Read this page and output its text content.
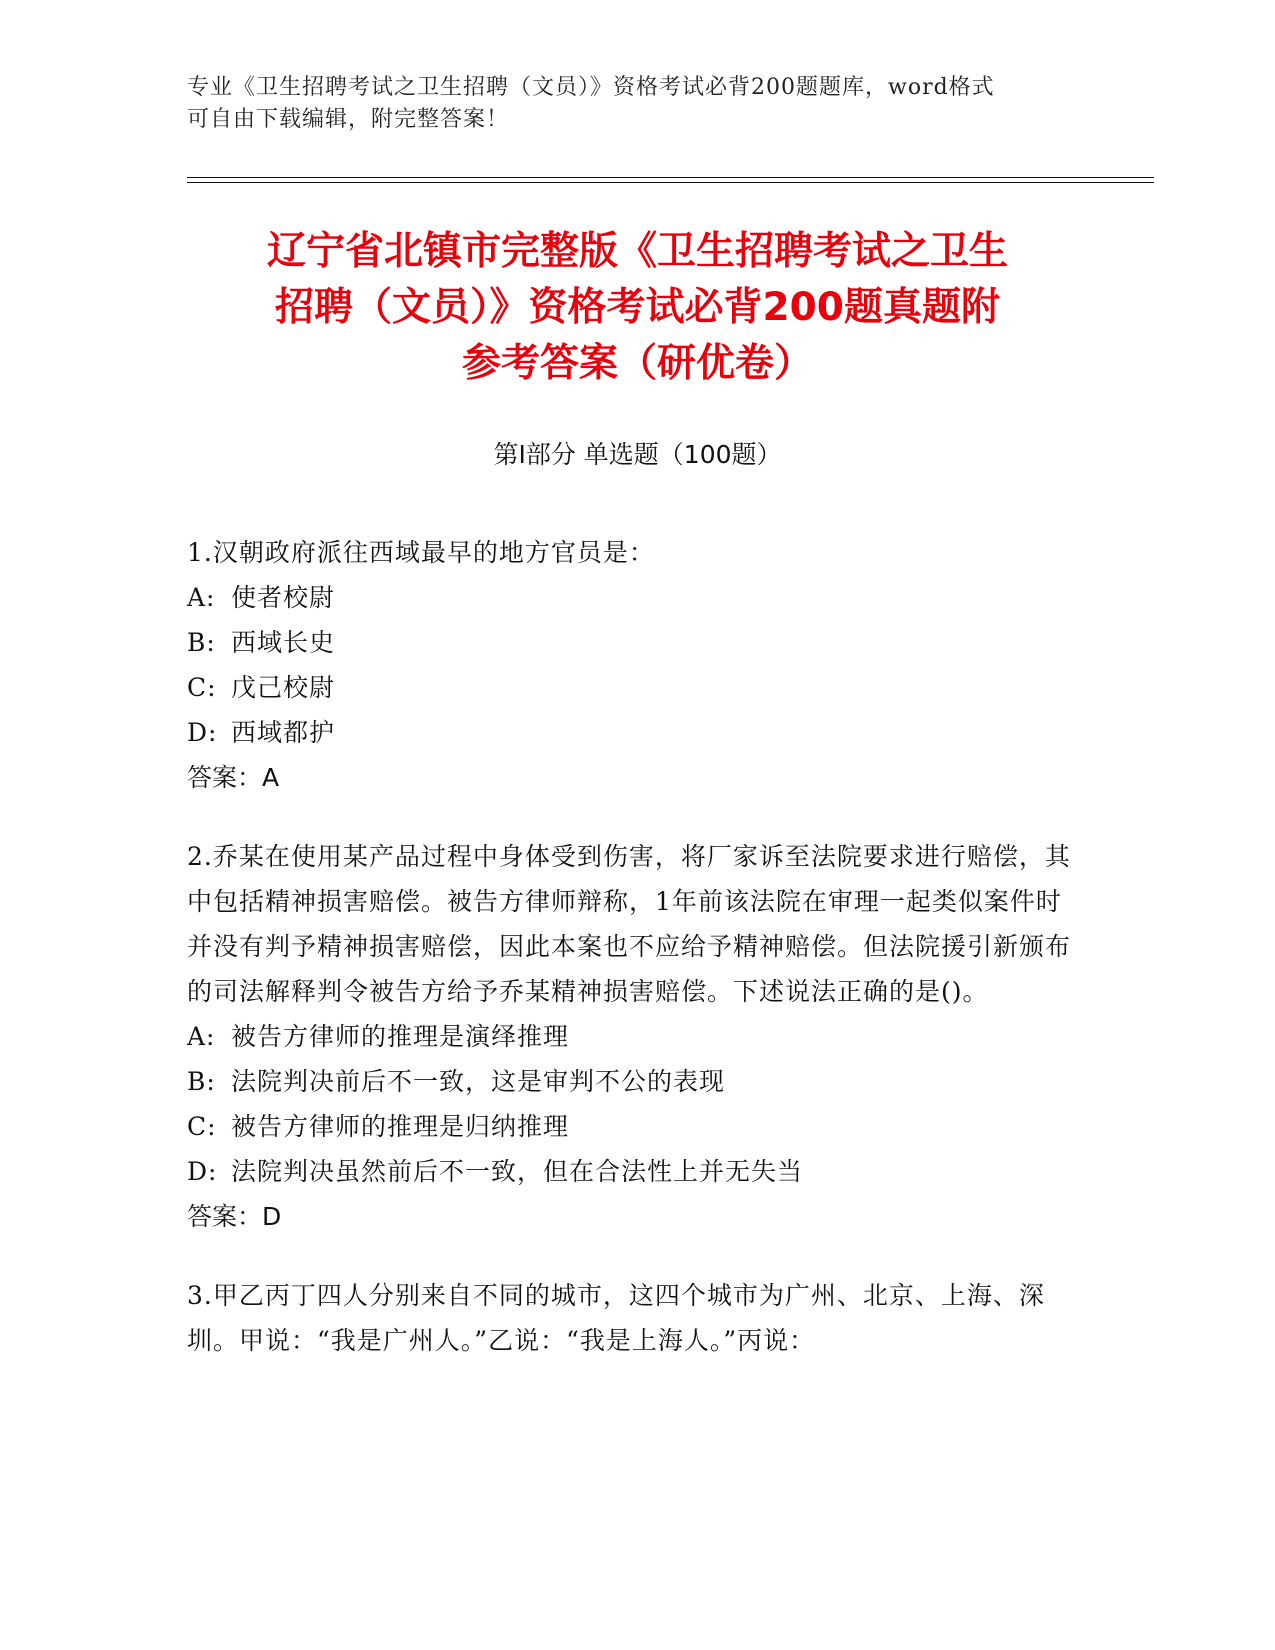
专业《卫生招聘考试之卫生招聘（文员）》资格考试必背200题题库，word格式
可自由下载编辑，附完整答案！
辽宁省北镇市完整版《卫生招聘考试之卫生
招聘（文员）》资格考试必背200题真题附
参考答案（研优卷）
第Ⅰ部分 单选题（100题）
1.汉朝政府派往西域最早的地方官员是：
A: 使者校尉
B: 西域长史
C: 戊己校尉
D: 西域都护
答案：A
2.乔某在使用某产品过程中身体受到伤害，将厂家诉至法院要求进行赔偿，其中包括精神损害赔偿。被告方律师辩称，1年前该法院在审理一起类似案件时并没有判予精神损害赔偿，因此本案也不应给予精神赔偿。但法院援引新颁布的司法解释判令被告方给予乔某精神损害赔偿。下述说法正确的是()。
A: 被告方律师的推理是演绎推理
B: 法院判决前后不一致，这是审判不公的表现
C: 被告方律师的推理是归纳推理
D: 法院判决虽然前后不一致，但在合法性上并无失当
答案：D
3.甲乙丙丁四人分别来自不同的城市，这四个城市为广州、北京、上海、深圳。甲说：“我是广州人。”乙说：“我是上海人。”丙说：
